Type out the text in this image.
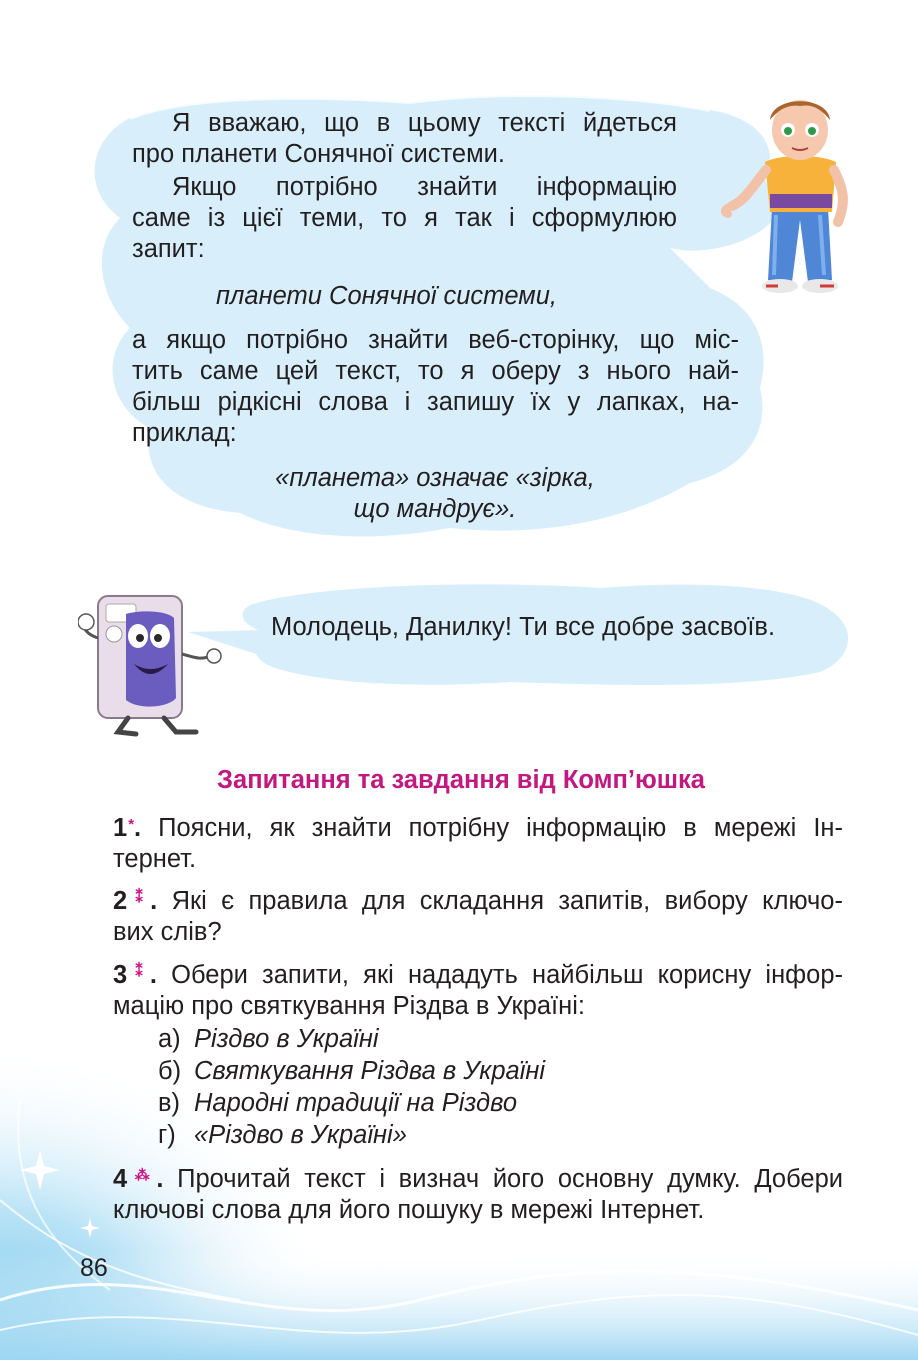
Я вважаю, що в цьому тексті йдеться
про планети Сонячної системи.
Якщо потрібно знайти інформацію
саме із цієї теми, то я так і сформулюю
запит:
планети Сонячної системи,
а якщо потрібно знайти веб-сторінку, що міс-
тить саме цей текст, то я оберу з нього най-
більш рідкісні слова і запишу їх у лапках, на-
приклад:
«планета» означає «зірка,
що мандрує».
Молодець, Данилку! Ти все добре засвоїв.
Запитання та завдання від Комп’юшка
1*. Поясни, як знайти потрібну інформацію в мережі Ін-
тернет.
2⁑. Які є правила для складання запитів, вибору ключо-
вих слів?
3⁑. Обери запити, які нададуть найбільш корисну інфор-
мацію про святкування Різдва в Україні:
а) Різдво в Україні
б) Святкування Різдва в Україні
в) Народні традиції на Різдво
г) «Різдво в Україні»
4⁂. Прочитай текст і визнач його основну думку. Добери
ключові слова для його пошуку в мережі Інтернет.
86
